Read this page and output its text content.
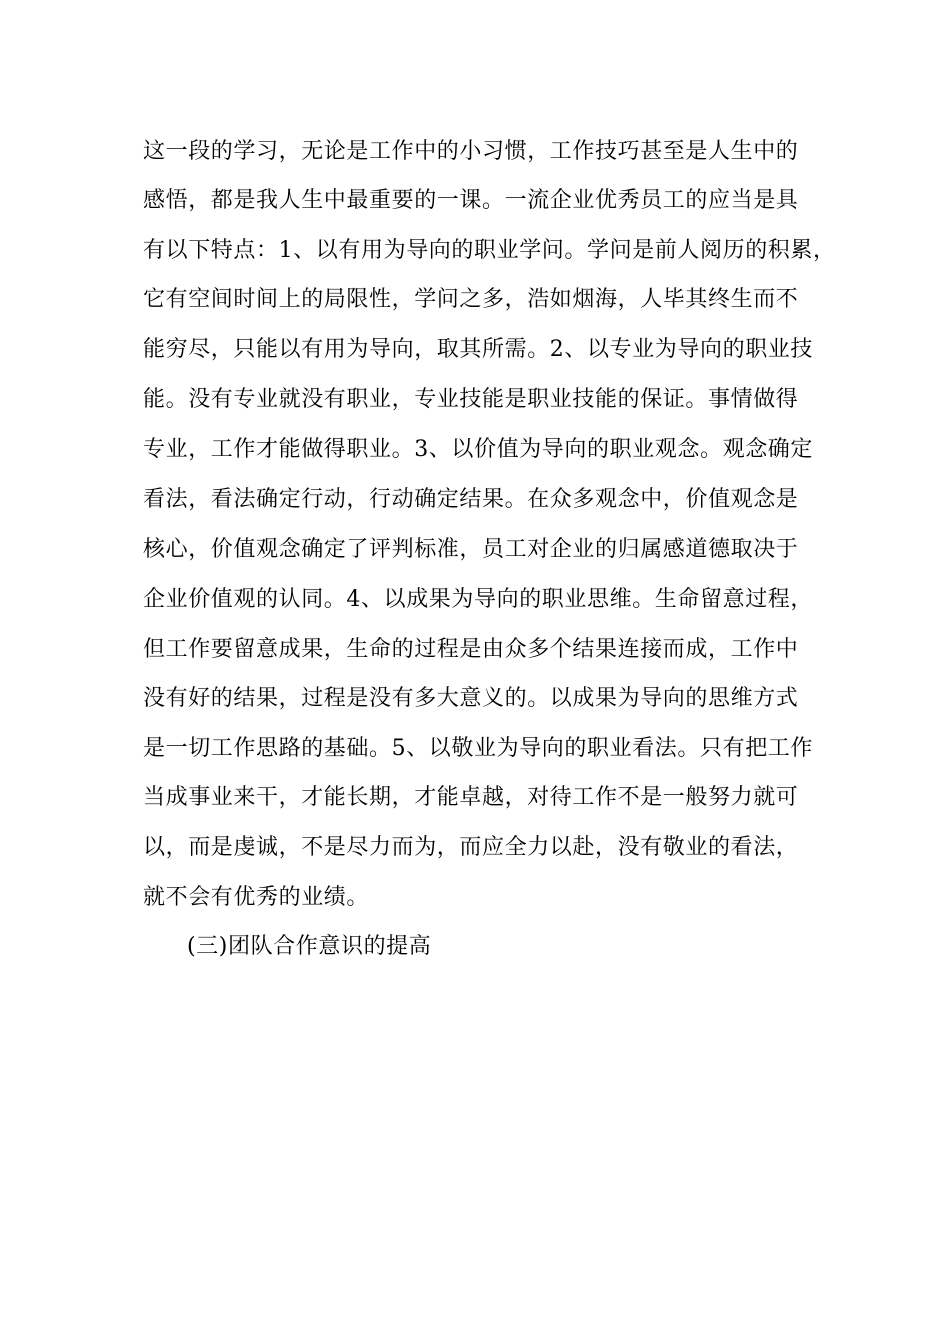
这一段的学习，无论是工作中的小习惯，工作技巧甚至是人生中的
感悟，都是我人生中最重要的一课。一流企业优秀员工的应当是具
有以下特点：1、以有用为导向的职业学问。学问是前人阅历的积累，
它有空间时间上的局限性，学问之多，浩如烟海，人毕其终生而不
能穷尽，只能以有用为导向，取其所需。2、以专业为导向的职业技
能。没有专业就没有职业，专业技能是职业技能的保证。事情做得
专业，工作才能做得职业。3、以价值为导向的职业观念。观念确定
看法，看法确定行动，行动确定结果。在众多观念中，价值观念是
核心，价值观念确定了评判标准，员工对企业的归属感道德取决于
企业价值观的认同。4、以成果为导向的职业思维。生命留意过程，
但工作要留意成果，生命的过程是由众多个结果连接而成，工作中
没有好的结果，过程是没有多大意义的。以成果为导向的思维方式
是一切工作思路的基础。5、以敬业为导向的职业看法。只有把工作
当成事业来干，才能长期，才能卓越，对待工作不是一般努力就可
以，而是虔诚，不是尽力而为，而应全力以赴，没有敬业的看法，
就不会有优秀的业绩。
(三)团队合作意识的提高
